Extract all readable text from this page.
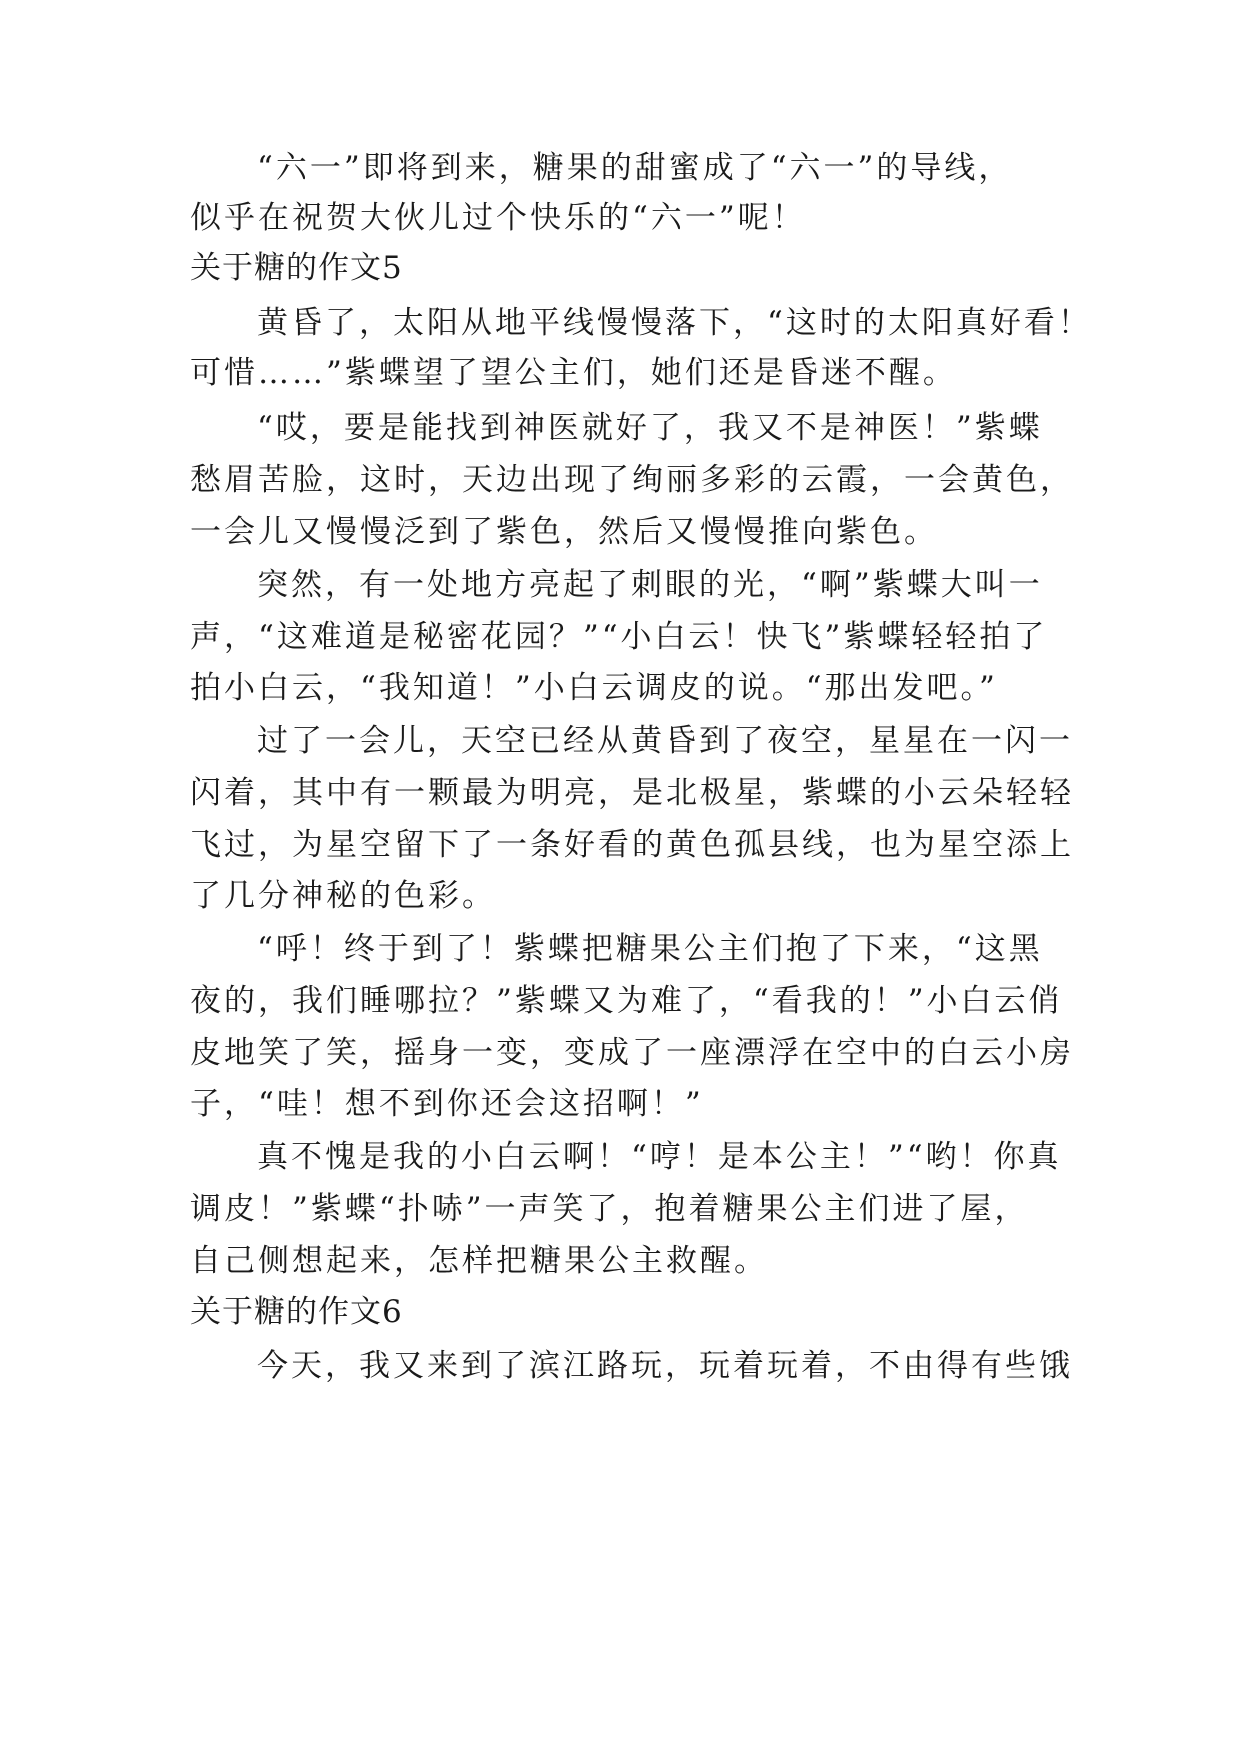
“六一”即将到来，糖果的甜蜜成了“六一”的导线，
似乎在祝贺大伙儿过个快乐的“六一”呢！
关于糖的作文5
黄昏了，太阳从地平线慢慢落下，“这时的太阳真好看！
可惜……”紫蝶望了望公主们，她们还是昏迷不醒。
“哎，要是能找到神医就好了，我又不是神医！”紫蝶
愁眉苦脸，这时，天边出现了绚丽多彩的云霞，一会黄色，
一会儿又慢慢泛到了紫色，然后又慢慢推向紫色。
突然，有一处地方亮起了刺眼的光，“啊”紫蝶大叫一
声，“这难道是秘密花园？”“小白云！快飞”紫蝶轻轻拍了
拍小白云，“我知道！”小白云调皮的说。“那出发吧。”
过了一会儿，天空已经从黄昏到了夜空，星星在一闪一
闪着，其中有一颗最为明亮，是北极星，紫蝶的小云朵轻轻
飞过，为星空留下了一条好看的黄色孤县线，也为星空添上
了几分神秘的色彩。
“呼！终于到了！紫蝶把糖果公主们抱了下来，“这黑
夜的，我们睡哪拉？”紫蝶又为难了，“看我的！”小白云俏
皮地笑了笑，摇身一变，变成了一座漂浮在空中的白云小房
子，“哇！想不到你还会这招啊！”
真不愧是我的小白云啊！“哼！是本公主！”“哟！你真
调皮！”紫蝶“扑哧”一声笑了，抱着糖果公主们进了屋，
自己侧想起来，怎样把糖果公主救醒。
关于糖的作文6
今天，我又来到了滨江路玩，玩着玩着，不由得有些饿
